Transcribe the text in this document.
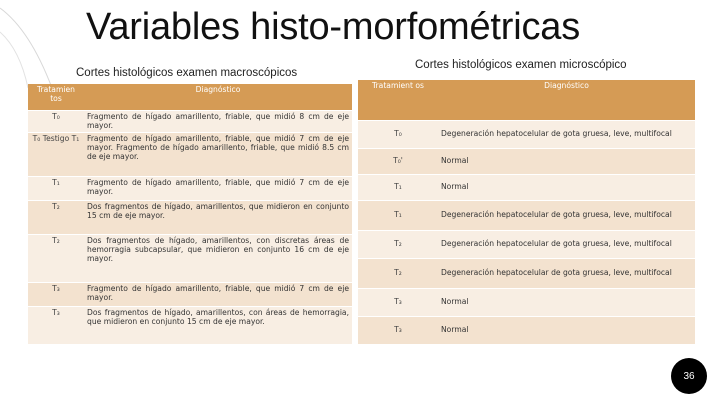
Variables histo-morfométricas
Cortes histológicos examen macroscópicos
Cortes histológicos examen microscópico
Tratamien tos	Diagnóstico
T₀	Fragmento de hígado amarillento, friable, que midió 8 cm de eje mayor.
T₀ Testigo T₁	Fragmento de hígado amarillento, friable, que midió 7 cm de eje mayor. Fragmento de hígado amarillento, friable, que midió 8.5 cm de eje mayor.
T₁	Fragmento de hígado amarillento, friable, que midió 7 cm de eje mayor.
T₂	Dos fragmentos de hígado, amarillentos, que midieron en conjunto 15 cm de eje mayor.
T₂	Dos fragmentos de hígado, amarillentos, con discretas áreas de hemorragia subcapsular, que midieron en conjunto 16 cm de eje mayor.
T₃	Fragmento de hígado amarillento, friable, que midió 7 cm de eje mayor.
T₃	Dos fragmentos de hígado, amarillentos, con áreas de hemorragia, que midieron en conjunto 15 cm de eje mayor.
Tratamient os	Diagnóstico
T₀	Degeneración hepatocelular de gota gruesa, leve, multifocal
T₀'	Normal
T₁	Normal
T₁	Degeneración hepatocelular de gota gruesa, leve, multifocal
T₂	Degeneración hepatocelular de gota gruesa, leve, multifocal
T₂	Degeneración hepatocelular de gota gruesa, leve, multifocal
T₃	Normal
T₃	Normal
36
